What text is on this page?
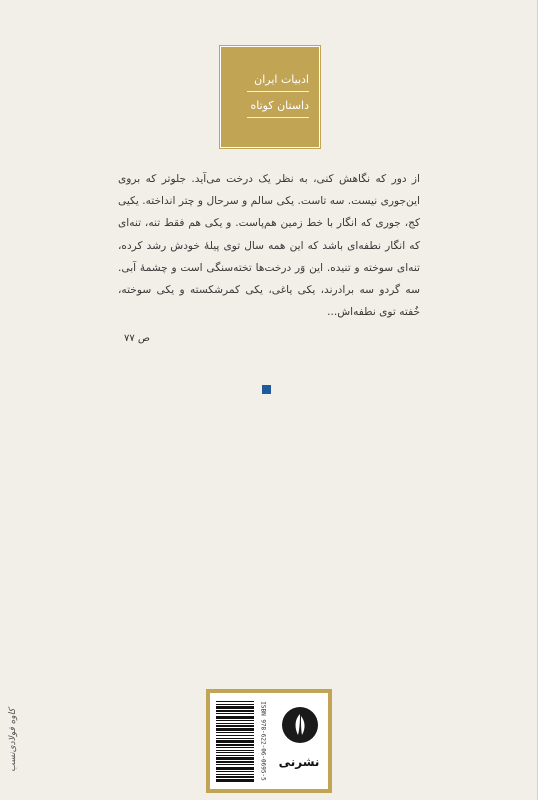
ادبیات ایران
داستان کوتاه

از دور که نگاهش کنی، به نظر یک درخت می‌آید. جلوتر که بروی این‌جوری نیست. سه تاست. یکی سالم و سرحال و چتر انداخته. یکیی کج، جوری که انگار با خط زمین هم‌پاست. و یکی هم فقط تنه، تنه‌ای که انگار نطفه‌ای باشد که این همه سال توی پیلهٔ خودش رشد کرده، تنه‌ای سوخته و تنیده. این وَر درخت‌ها تخته‌سنگی است و چشمهٔ آبی. سه گردو سه برادرند، یکی یاغی، یکی کمرشکسته و یکی سوخته، خُفته توی نطفه‌اش...

ص ۷۷
کاوه فولادی‌نسب	ISBN 978-622-06-0695-5	نشرنی
